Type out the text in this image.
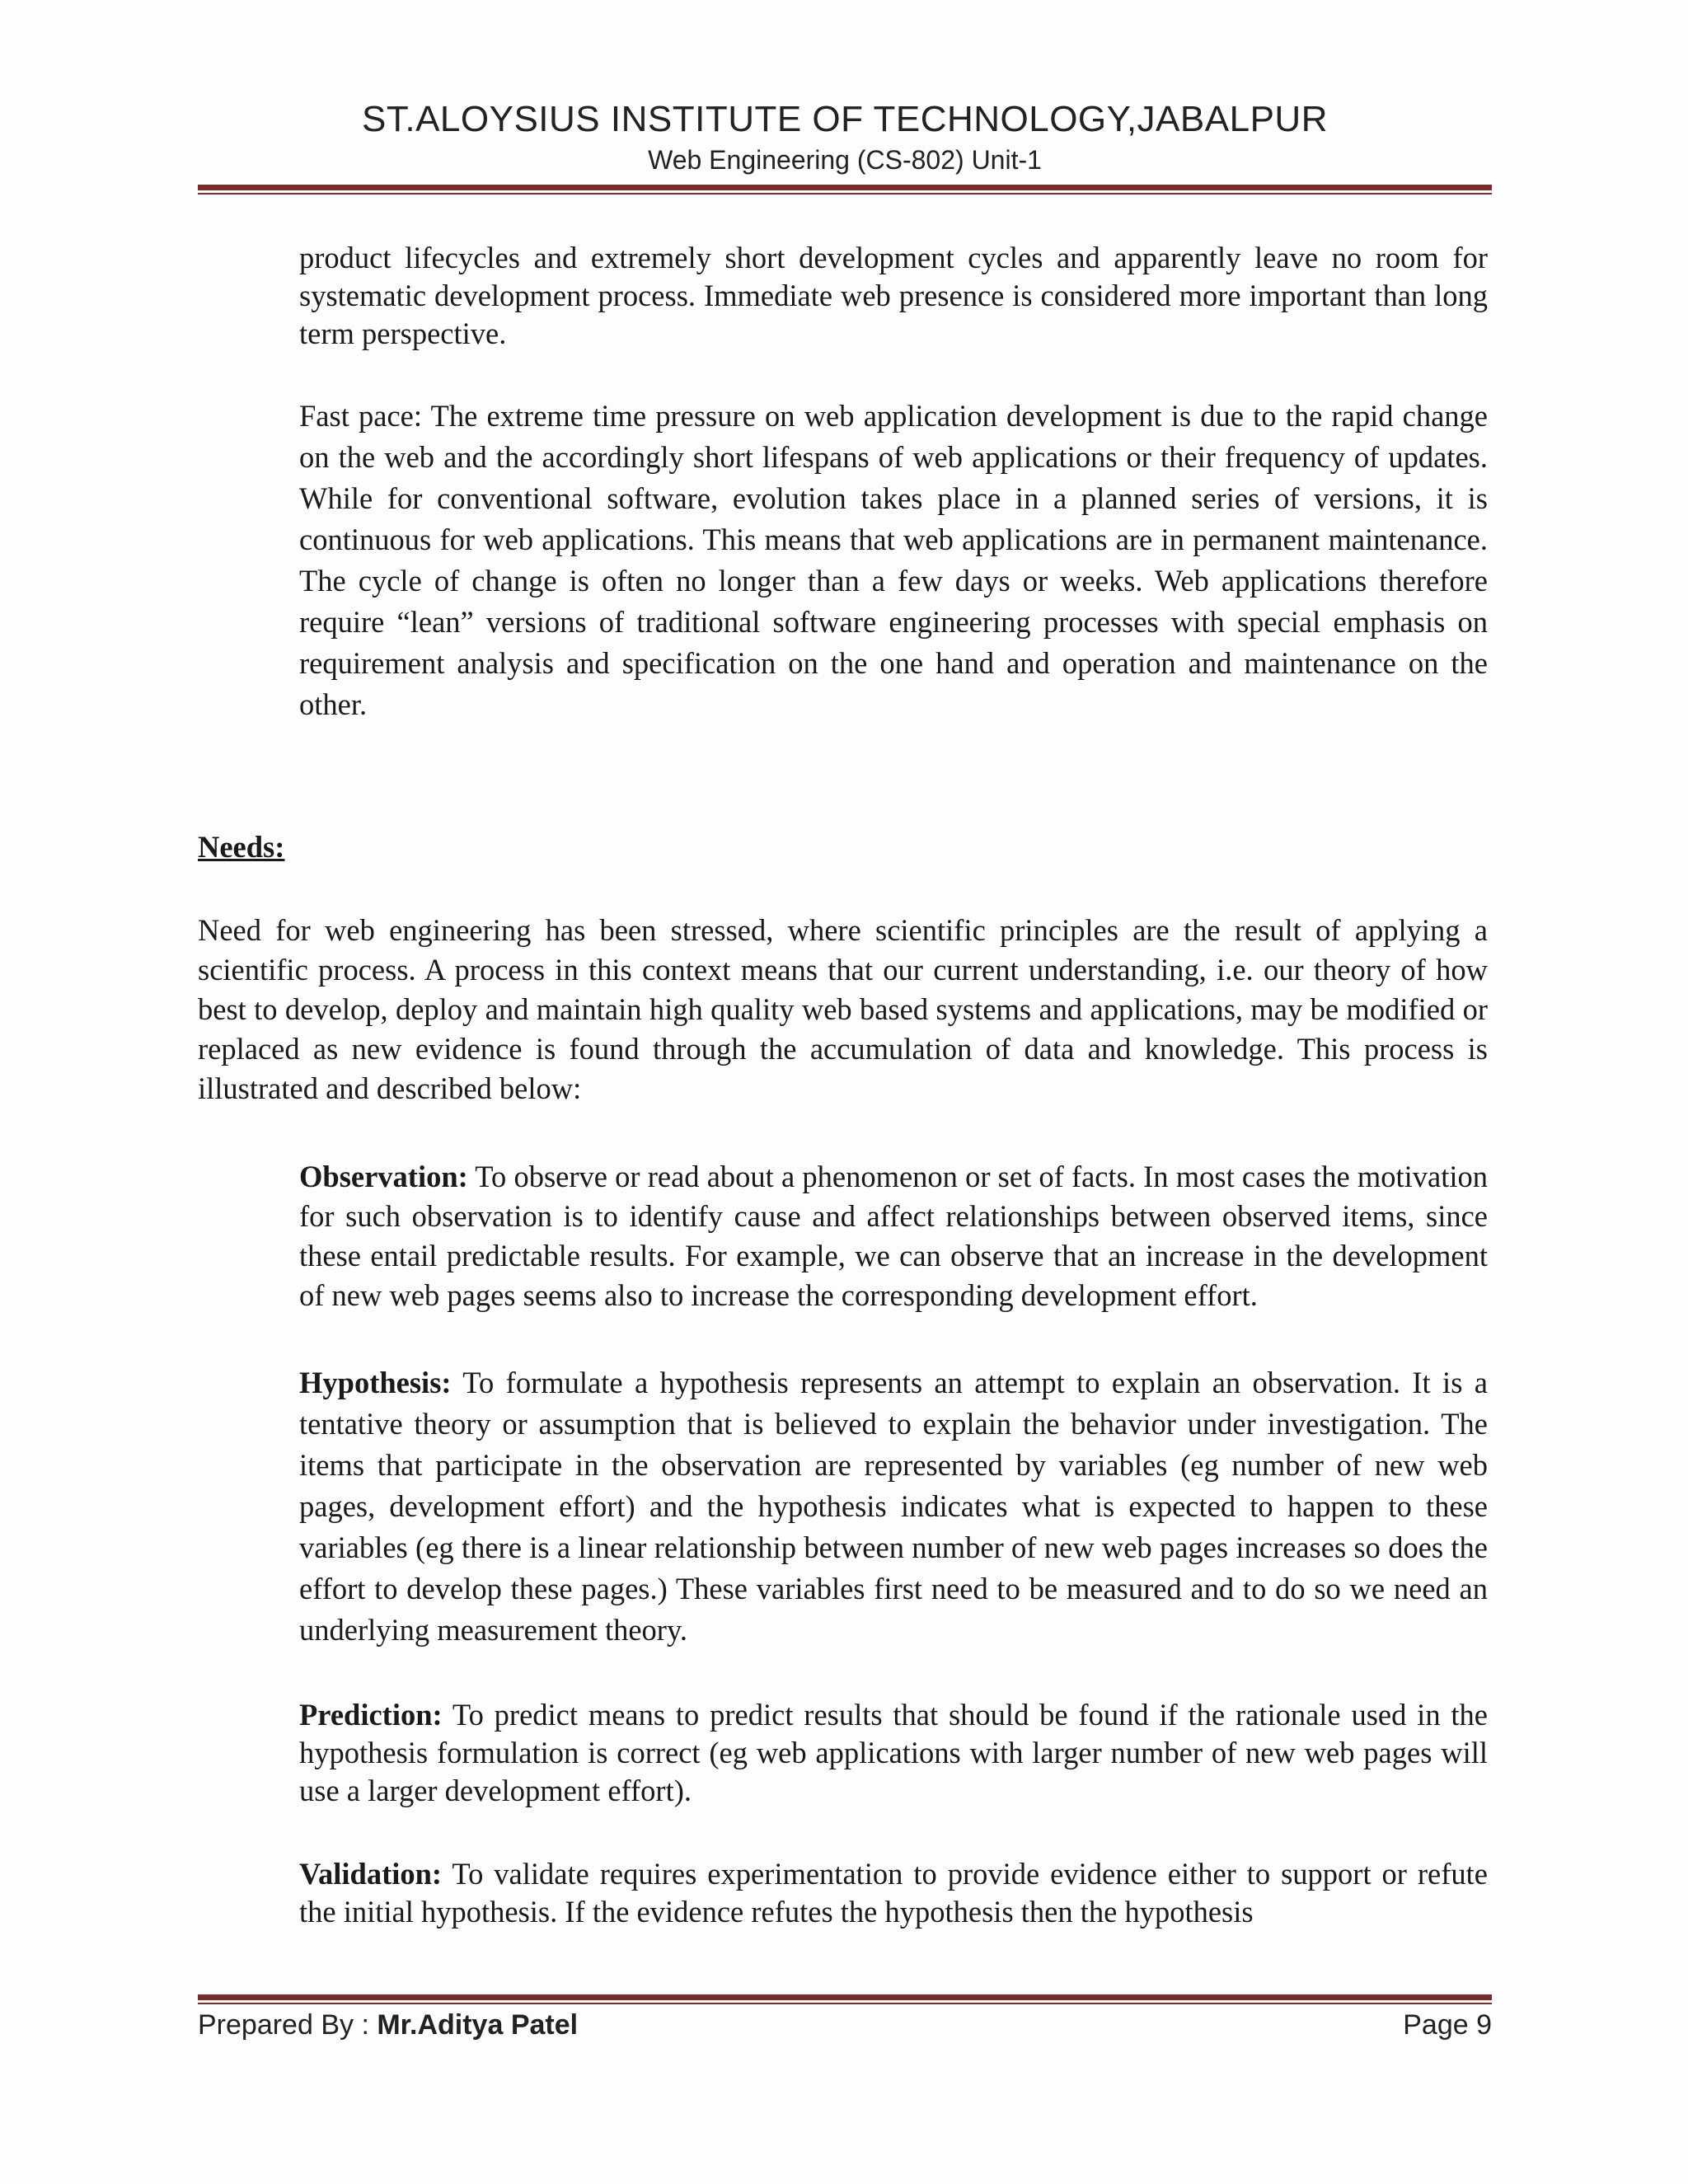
ST.ALOYSIUS INSTITUTE OF TECHNOLOGY,JABALPUR
Web Engineering (CS-802) Unit-1

product lifecycles and extremely short development cycles and apparently leave no room for systematic development process. Immediate web presence is considered more important than long term perspective.

Fast pace: The extreme time pressure on web application development is due to the rapid change on the web and the accordingly short lifespans of web applications or their frequency of updates. While for conventional software, evolution takes place in a planned series of versions, it is continuous for web applications. This means that web applications are in permanent maintenance. The cycle of change is often no longer than a few days or weeks. Web applications therefore require “lean” versions of traditional software engineering processes with special emphasis on requirement analysis and specification on the one hand and operation and maintenance on the other.

Needs:

Need for web engineering has been stressed, where scientific principles are the result of applying a scientific process. A process in this context means that our current understanding, i.e. our theory of how best to develop, deploy and maintain high quality web based systems and applications, may be modified or replaced as new evidence is found through the accumulation of data and knowledge. This process is illustrated and described below:

Observation: To observe or read about a phenomenon or set of facts. In most cases the motivation for such observation is to identify cause and affect relationships between observed items, since these entail predictable results. For example, we can observe that an increase in the development of new web pages seems also to increase the corresponding development effort.

Hypothesis: To formulate a hypothesis represents an attempt to explain an observation. It is a tentative theory or assumption that is believed to explain the behavior under investigation. The items that participate in the observation are represented by variables (eg number of new web pages, development effort) and the hypothesis indicates what is expected to happen to these variables (eg there is a linear relationship between number of new web pages increases so does the effort to develop these pages.) These variables first need to be measured and to do so we need an underlying measurement theory.

Prediction: To predict means to predict results that should be found if the rationale used in the hypothesis formulation is correct (eg web applications with larger number of new web pages will use a larger development effort).

Validation: To validate requires experimentation to provide evidence either to support or refute the initial hypothesis. If the evidence refutes the hypothesis then the hypothesis

Prepared By : Mr.Aditya Patel	Page 9
